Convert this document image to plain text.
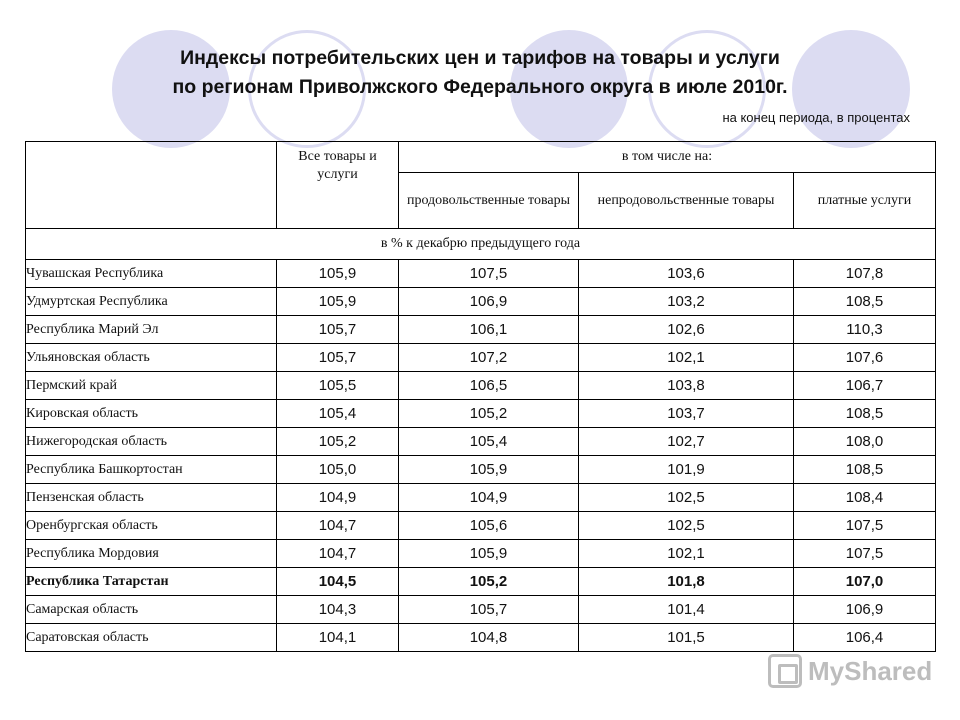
Индексы потребительских цен и тарифов на товары и услуги
по регионам Приволжского Федерального округа в июле 2010г.
на конец периода, в процентах
	Все товары и услуги	в том числе на:		
		продовольственные товары	непродовольственные товары	платные услуги
в % к декабрю предыдущего года				
Чувашская Республика	105,9	107,5	103,6	107,8
Удмуртская Республика	105,9	106,9	103,2	108,5
Республика Марий Эл	105,7	106,1	102,6	110,3
Ульяновская область	105,7	107,2	102,1	107,6
Пермский край	105,5	106,5	103,8	106,7
Кировская область	105,4	105,2	103,7	108,5
Нижегородская область	105,2	105,4	102,7	108,0
Республика Башкортостан	105,0	105,9	101,9	108,5
Пензенская область	104,9	104,9	102,5	108,4
Оренбургская область	104,7	105,6	102,5	107,5
Республика Мордовия	104,7	105,9	102,1	107,5
Республика Татарстан	104,5	105,2	101,8	107,0
Самарская область	104,3	105,7	101,4	106,9
Саратовская область	104,1	104,8	101,5	106,4
MyShared
